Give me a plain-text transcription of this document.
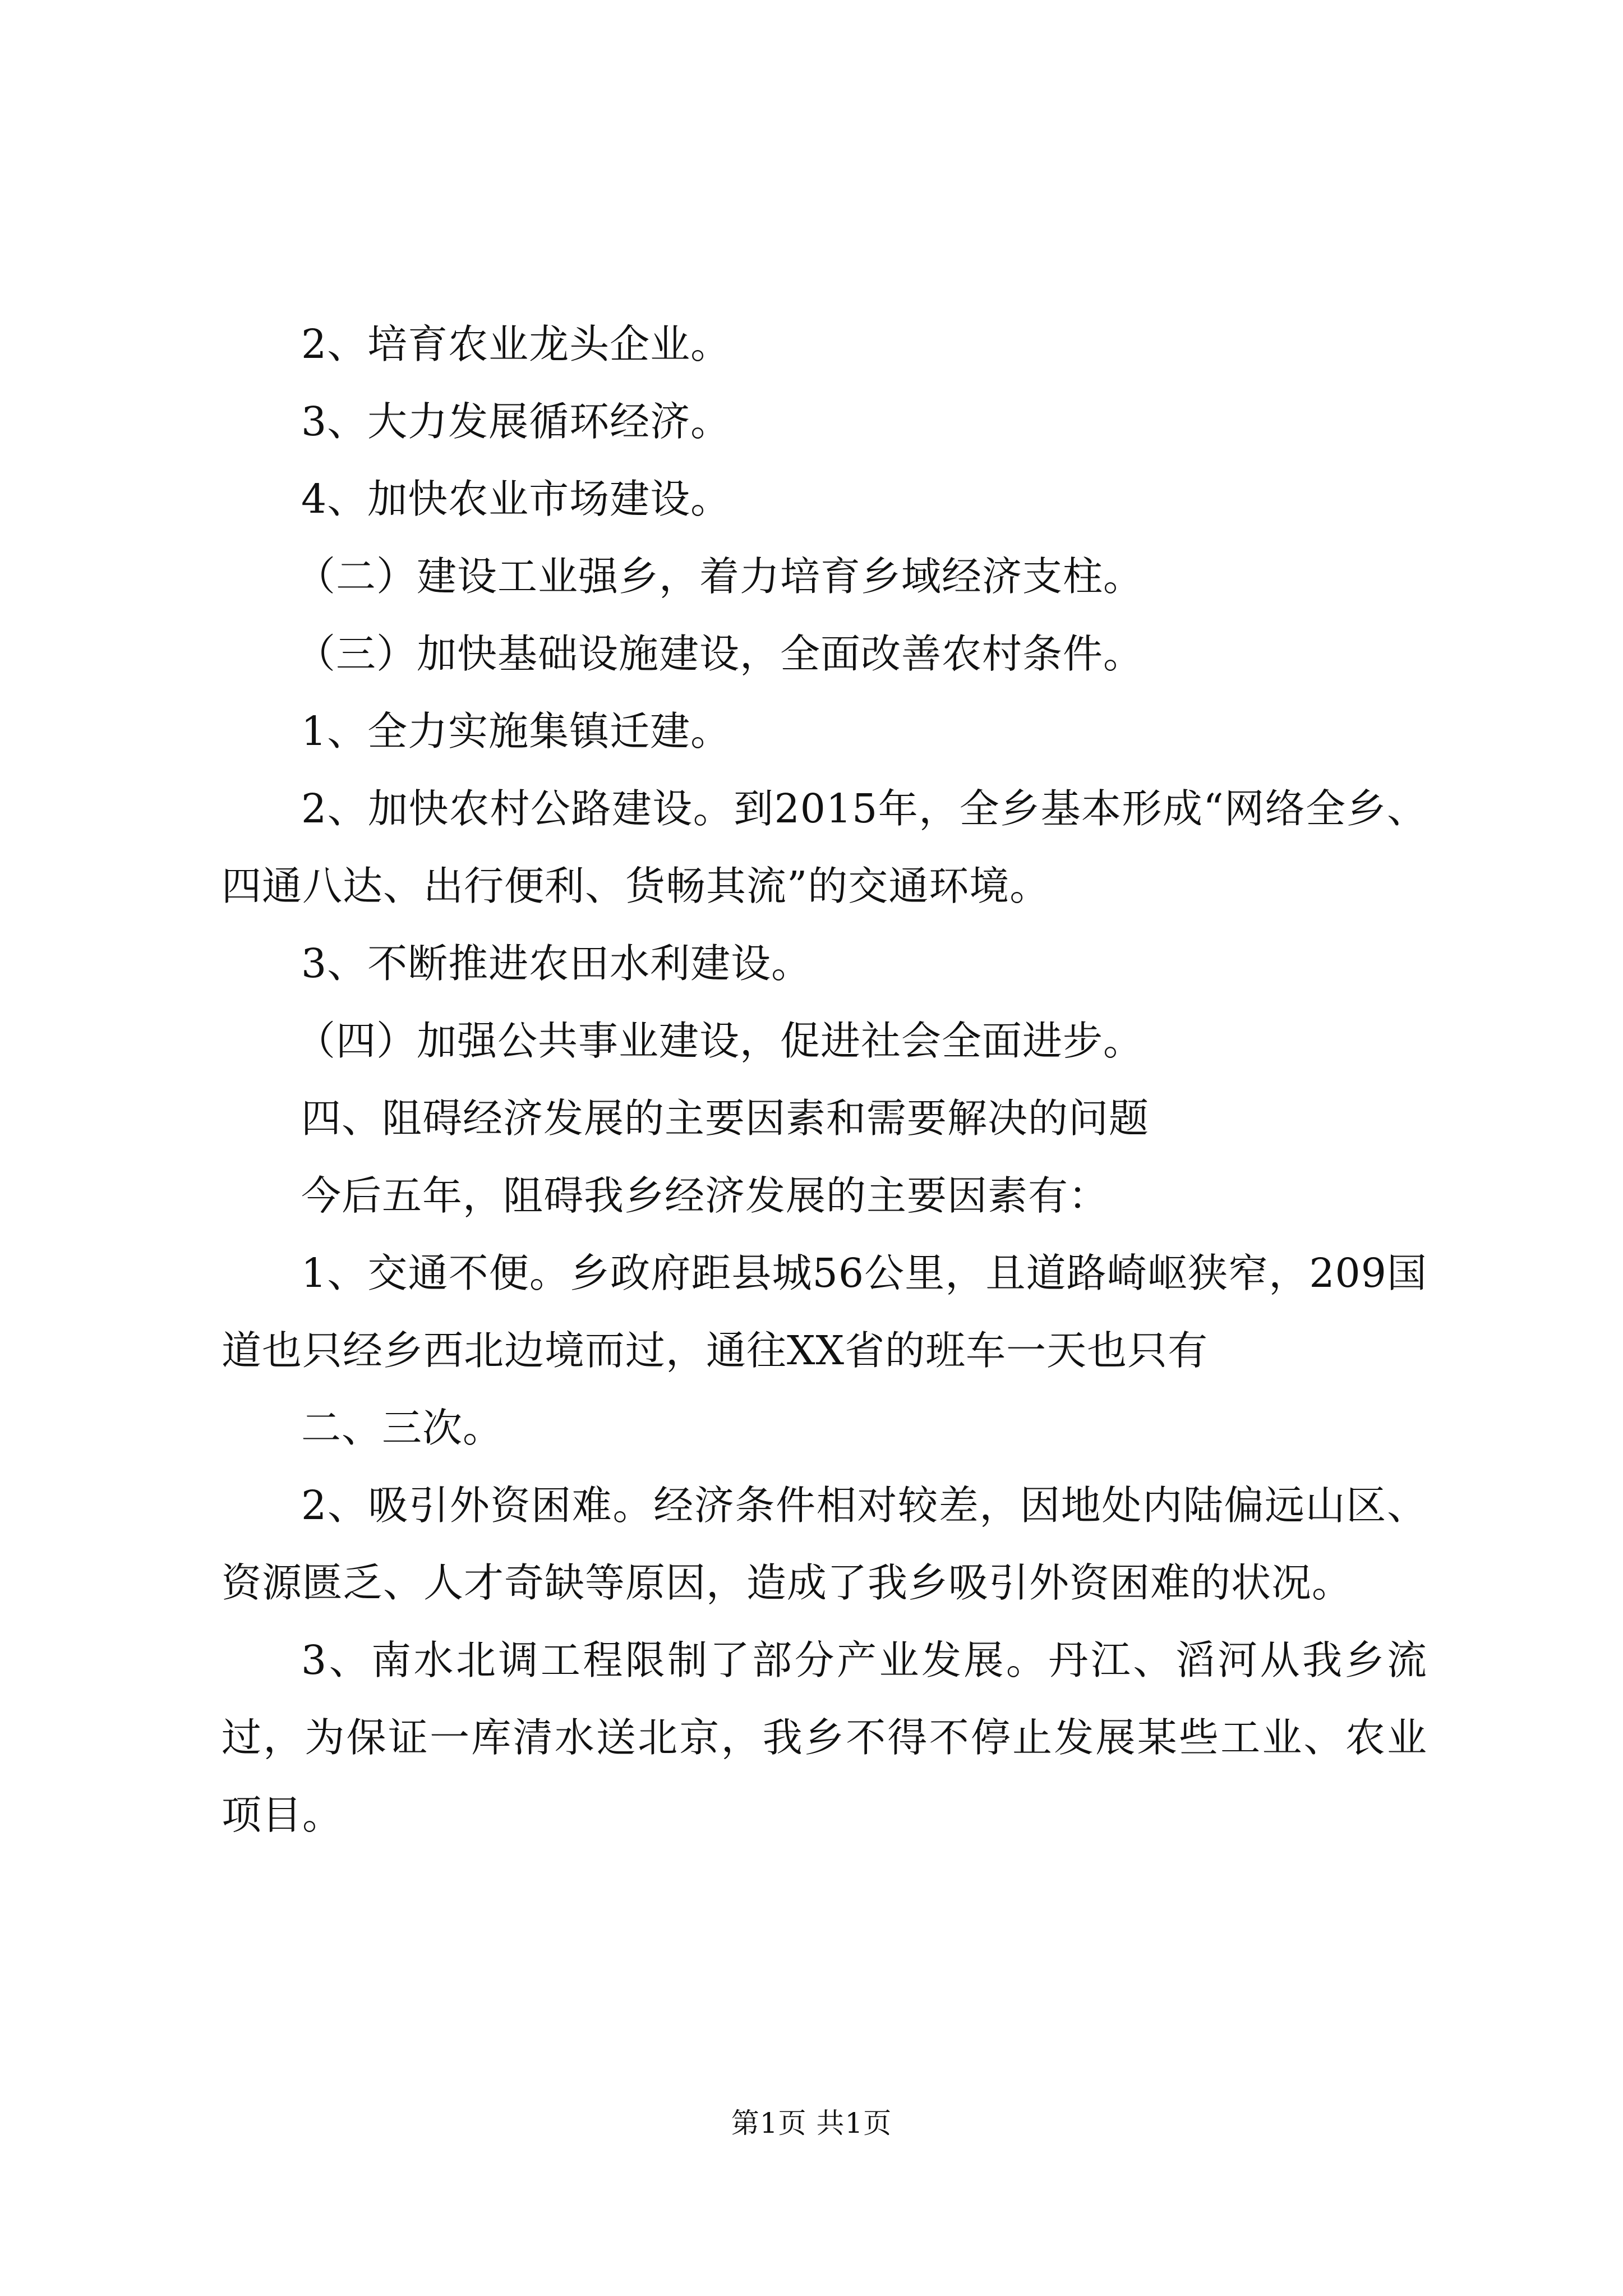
2、培育农业龙头企业。

3、大力发展循环经济。

4、加快农业市场建设。

（二）建设工业强乡，着力培育乡域经济支柱。

（三）加快基础设施建设，全面改善农村条件。

1、全力实施集镇迁建。

2、加快农村公路建设。到2015年，全乡基本形成“网络全乡、四通八达、出行便利、货畅其流”的交通环境。

3、不断推进农田水利建设。

（四）加强公共事业建设，促进社会全面进步。

四、阻碍经济发展的主要因素和需要解决的问题

今后五年，阻碍我乡经济发展的主要因素有：

1、交通不便。乡政府距县城56公里，且道路崎岖狭窄，209国道也只经乡西北边境而过，通往XX省的班车一天也只有

二、三次。

2、吸引外资困难。经济条件相对较差，因地处内陆偏远山区、资源匮乏、人才奇缺等原因，造成了我乡吸引外资困难的状况。

3、南水北调工程限制了部分产业发展。丹江、滔河从我乡流过，为保证一库清水送北京，我乡不得不停止发展某些工业、农业项目。

第1页 共1页
